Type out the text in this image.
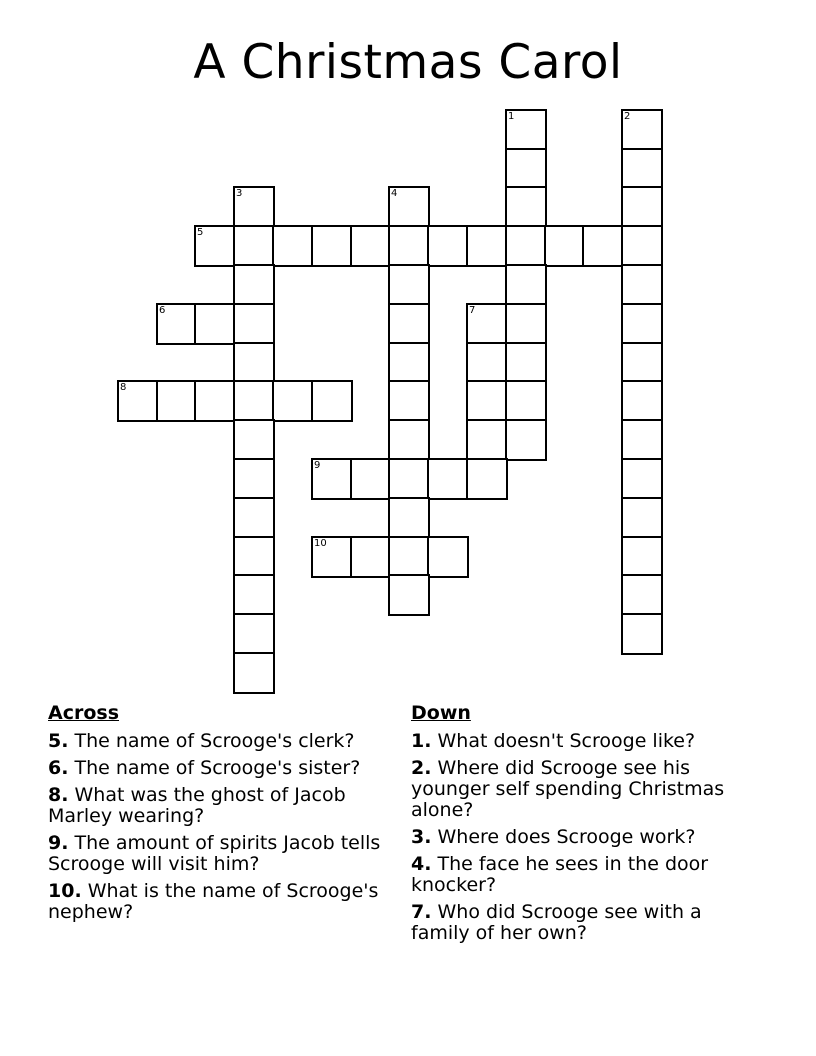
A Christmas Carol
1	2
3	4
5
6	7
8
9
10
Across
5. The name of Scrooge's clerk?
6. The name of Scrooge's sister?
8. What was the ghost of Jacob Marley wearing?
9. The amount of spirits Jacob tells Scrooge will visit him?
10. What is the name of Scrooge's nephew?
Down
1. What doesn't Scrooge like?
2. Where did Scrooge see his younger self spending Christmas alone?
3. Where does Scrooge work?
4. The face he sees in the door knocker?
7. Who did Scrooge see with a family of her own?
